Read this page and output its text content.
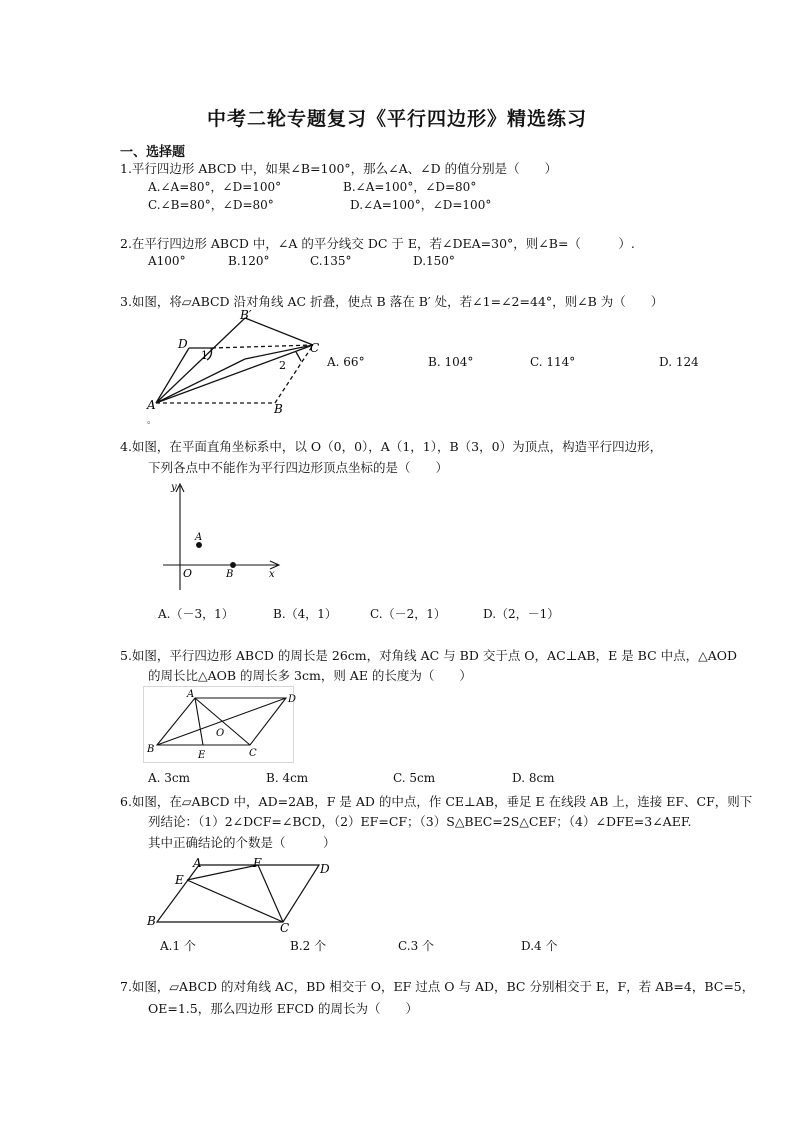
中考二轮专题复习《平行四边形》精选练习
一、选择题
1.平行四边形 ABCD 中，如果∠B=100°，那么∠A、∠D 的值分别是（　　）
A.∠A=80°，∠D=100°	B.∠A=100°，∠D=80°
C.∠B=80°，∠D=80°	D.∠A=100°，∠D=100°
2.在平行四边形 ABCD 中，∠A 的平分线交 DC 于 E，若∠DEA=30°，则∠B=（　　　）.
A100°	B.120°	C.135°	D.150°
3.如图，将▱ABCD 沿对角线 AC 折叠，使点 B 落在 B′ 处，若∠1=∠2=44°，则∠B 为（　　）
D
B′
C
A	B
1
2
。
A. 66°	B. 104°	C. 114°	D. 124
4.如图，在平面直角坐标系中，以 O（0，0），A（1，1），B（3，0）为顶点，构造平行四边形，
下列各点中不能作为平行四边形顶点坐标的是（　　）
y
x
O
A
B
A.（－3，1）	B.（4，1）	C.（－2，1）	D.（2，－1）
5.如图，平行四边形 ABCD 的周长是 26cm，对角线 AC 与 BD 交于点 O，AC⊥AB，E 是 BC 中点，△AOD
的周长比△AOB 的周长多 3cm，则 AE 的长度为（　　）
A	D
O
B
E	C
A. 3cm	B. 4cm	C. 5cm	D. 8cm
6.如图，在▱ABCD 中，AD=2AB，F 是 AD 的中点，作 CE⊥AB，垂足 E 在线段 AB 上，连接 EF、CF，则下
列结论：（1）2∠DCF=∠BCD，（2）EF=CF；（3）S△BEC=2S△CEF；（4）∠DFE=3∠AEF.
其中正确结论的个数是（　　　）
A	F	D
E
B	C
A.1 个	B.2 个	C.3 个	D.4 个
7.如图，▱ABCD 的对角线 AC，BD 相交于 O，EF 过点 O 与 AD，BC 分别相交于 E，F，若 AB=4，BC=5，
OE=1.5，那么四边形 EFCD 的周长为（　　）
